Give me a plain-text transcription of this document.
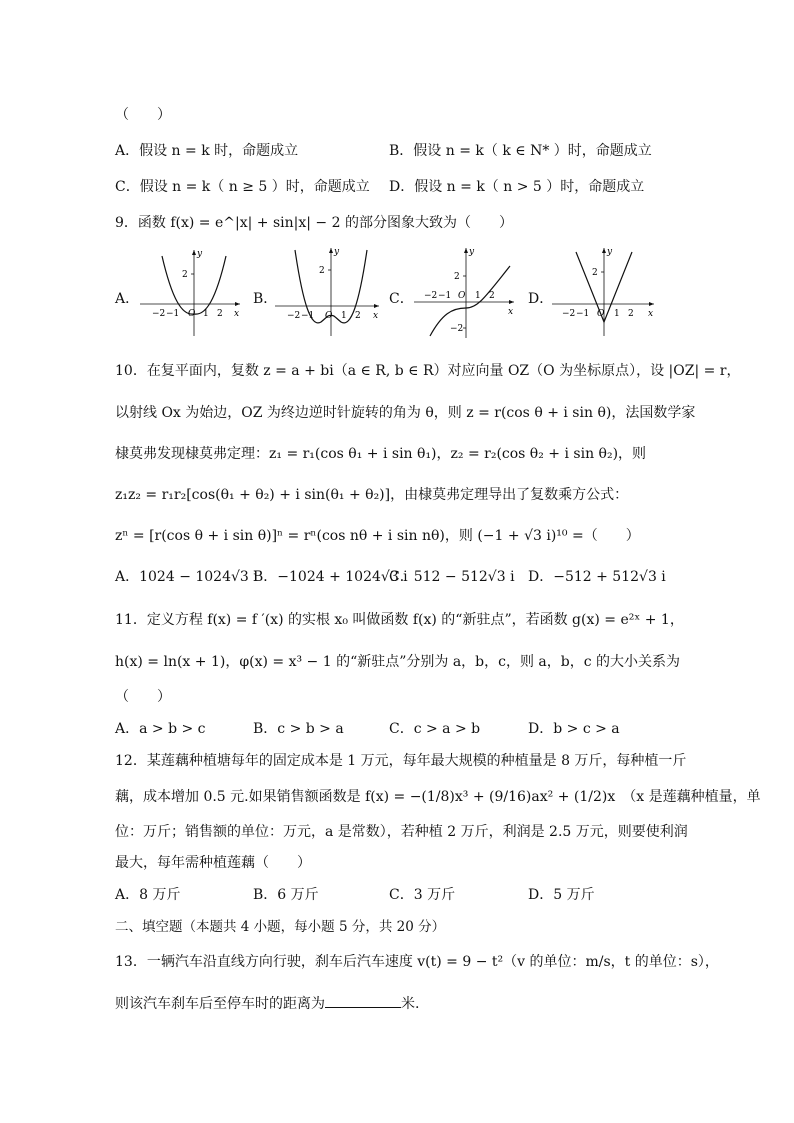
（　　）
A．假设 n = k 时，命题成立	B．假设 n = k（ k ∈ N* ）时，命题成立
C．假设 n = k（ n ≥ 5 ）时，命题成立 D．假设 n = k（ n > 5 ）时，命题成立
9．函数 f(x) = e^|x| + sin|x| − 2 的部分图象大致为（　　）
A．	B．	C．	D．
2
y
x
−2 −1 O 1 2
2
y
x
−2 −1 O 1 2
2
−2
y
x
−2 −1 O 1 2
2
y
x
−2 −1 O 1 2
10．在复平面内，复数 z = a + bi（a ∈ R, b ∈ R）对应向量 OZ（O 为坐标原点），设 |OZ| = r，
以射线 Ox 为始边，OZ 为终边逆时针旋转的角为 θ，则 z = r(cos θ + i sin θ)，法国数学家
棣莫弗发现棣莫弗定理：z₁ = r₁(cos θ₁ + i sin θ₁)，z₂ = r₂(cos θ₂ + i sin θ₂)，则
z₁z₂ = r₁r₂[cos(θ₁ + θ₂) + i sin(θ₁ + θ₂)]，由棣莫弗定理导出了复数乘方公式：
zⁿ = [r(cos θ + i sin θ)]ⁿ = rⁿ(cos nθ + i sin nθ)，则 (−1 + √3 i)¹⁰ =（　　）
A．1024 − 1024√3 i
B．−1024 + 1024√3 i
C．512 − 512√3 i D．−512 + 512√3 i
11．定义方程 f(x) = f ′(x) 的实根 x₀ 叫做函数 f(x) 的“新驻点”，若函数 g(x) = e²ˣ + 1，
h(x) = ln(x + 1)，φ(x) = x³ − 1 的“新驻点”分别为 a，b，c，则 a，b，c 的大小关系为
（　　）
A．a > b > c	B．c > b > a	C．c > a > b	D．b > c > a
12．某莲藕种植塘每年的固定成本是 1 万元，每年最大规模的种植量是 8 万斤，每种植一斤
藕，成本增加 0.5 元.如果销售额函数是 f(x) = −(1/8)x³ + (9/16)ax² + (1/2)x　（x 是莲藕种植量，单
位：万斤；销售额的单位：万元，a 是常数），若种植 2 万斤，利润是 2.5 万元，则要使利润
最大，每年需种植莲藕（　　）
A．8 万斤	B．6 万斤	C．3 万斤	D．5 万斤
二、填空题（本题共 4 小题，每小题 5 分，共 20 分）
13．一辆汽车沿直线方向行驶，刹车后汽车速度 v(t) = 9 − t²（v 的单位：m/s，t 的单位：s），
则该汽车刹车后至停车时的距离为	米.
